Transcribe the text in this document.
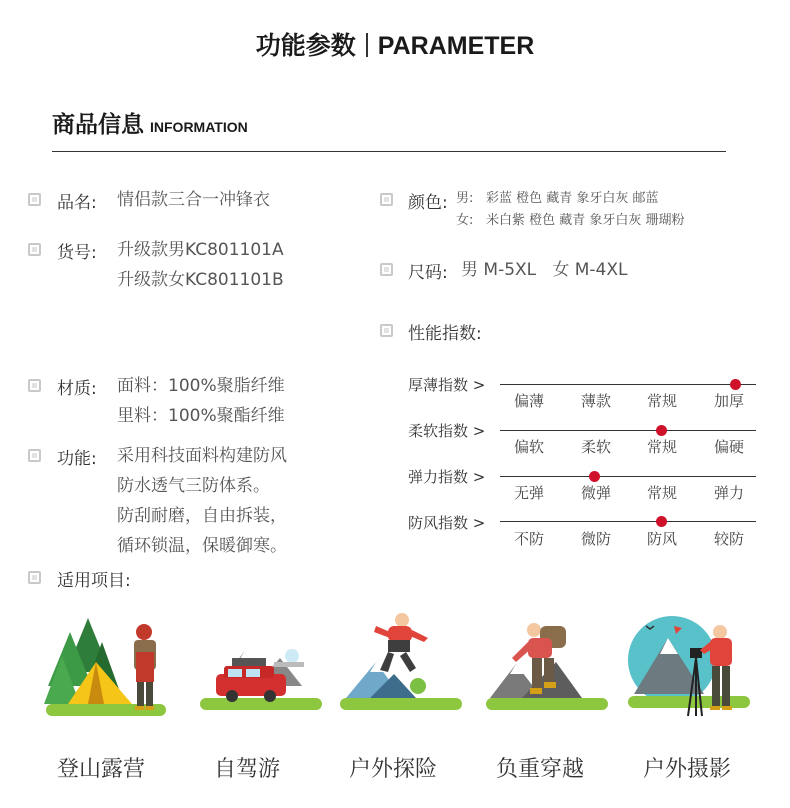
功能参数 PARAMETER
商品信息 INFORMATION
品名: 情侣款三合一冲锋衣
货号: 升级款男KC801101A
升级款女KC801101B
材质: 面料：100%聚脂纤维
里料：100%聚酯纤维
功能: 采用科技面料构建防风
防水透气三防体系。
防刮耐磨，自由拆装，
循环锁温，保暖御寒。
适用项目:
颜色: 男: 彩蓝 橙色 藏青 象牙白灰 邮蓝
女: 米白紫 橙色 藏青 象牙白灰 珊瑚粉
尺码: 男 M-5XL   女 M-4XL
性能指数:
厚薄指数 >
偏薄	薄款	常规	加厚
柔软指数 >
偏软	柔软	常规	偏硬
弹力指数 >
无弹	微弹	常规	弹力
防风指数 >
不防	微防	防风	较防
登山露营	自驾游	户外探险	负重穿越	户外摄影
